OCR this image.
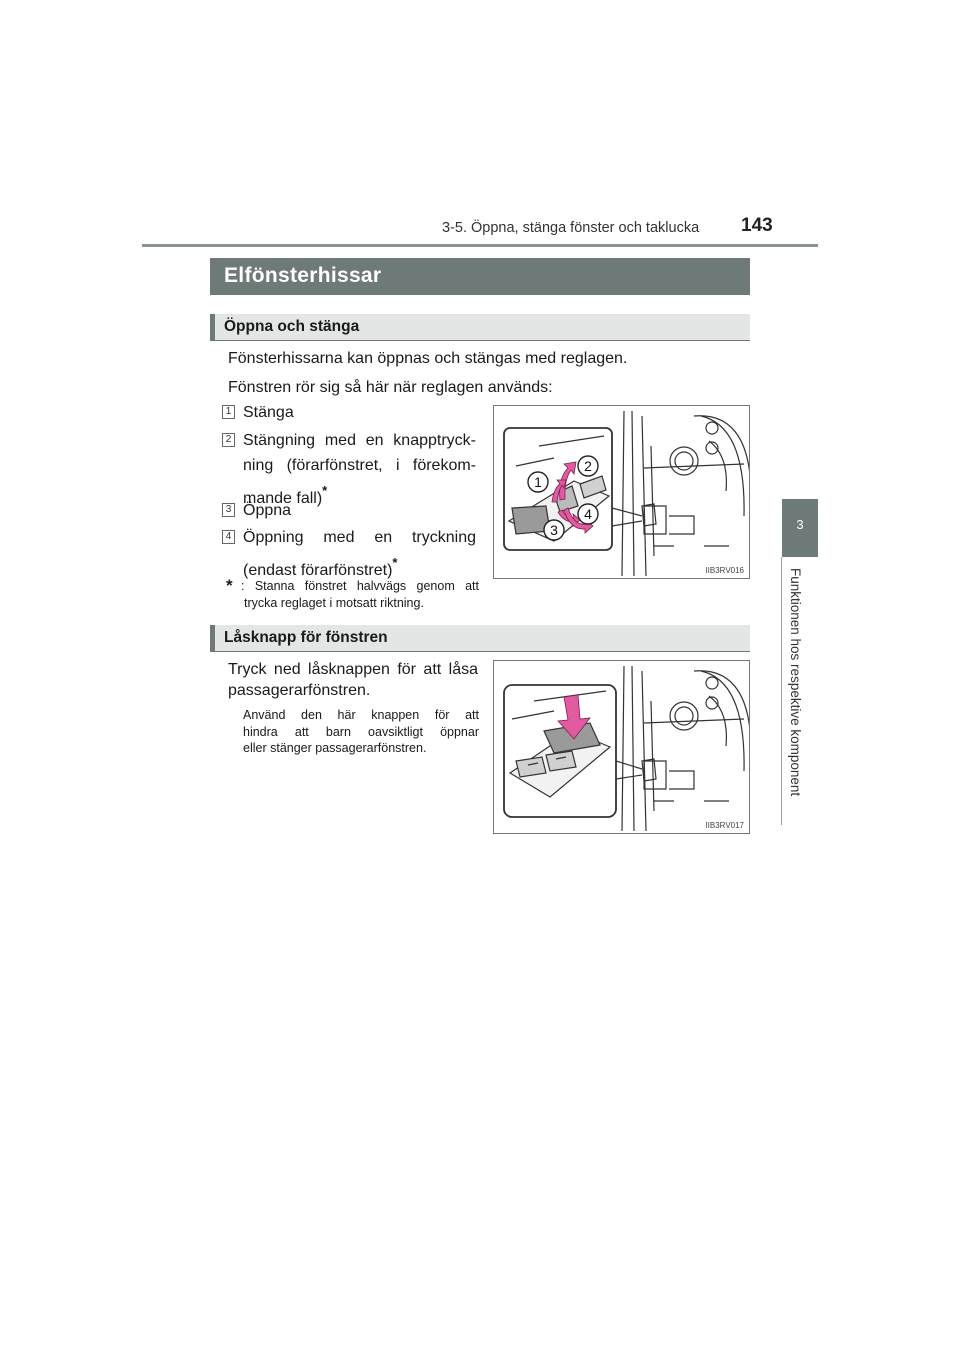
3-5. Öppna, stänga fönster och taklucka 143
3
Funktionen hos respektive komponent
Elfönsterhissar
Öppna och stänga
Fönsterhissarna kan öppnas och stängas med reglagen.
Fönstren rör sig så här när reglagen används:
1 Stänga
2 Stängning med en knapptryck-
ning (förarfönstret, i förekom-
mande fall)*
3 Öppna
4 Öppning med en tryckning
(endast förarfönstret)*
* : Stanna fönstret halvvägs genom att
trycka reglaget i motsatt riktning.
1
2
3
4
IIB3RV016
Låsknapp för fönstren
Tryck ned låsknappen för att låsa
passagerarfönstren.
Använd den här knappen för att
hindra att barn oavsiktligt öppnar
eller stänger passagerarfönstren.
IIB3RV017
